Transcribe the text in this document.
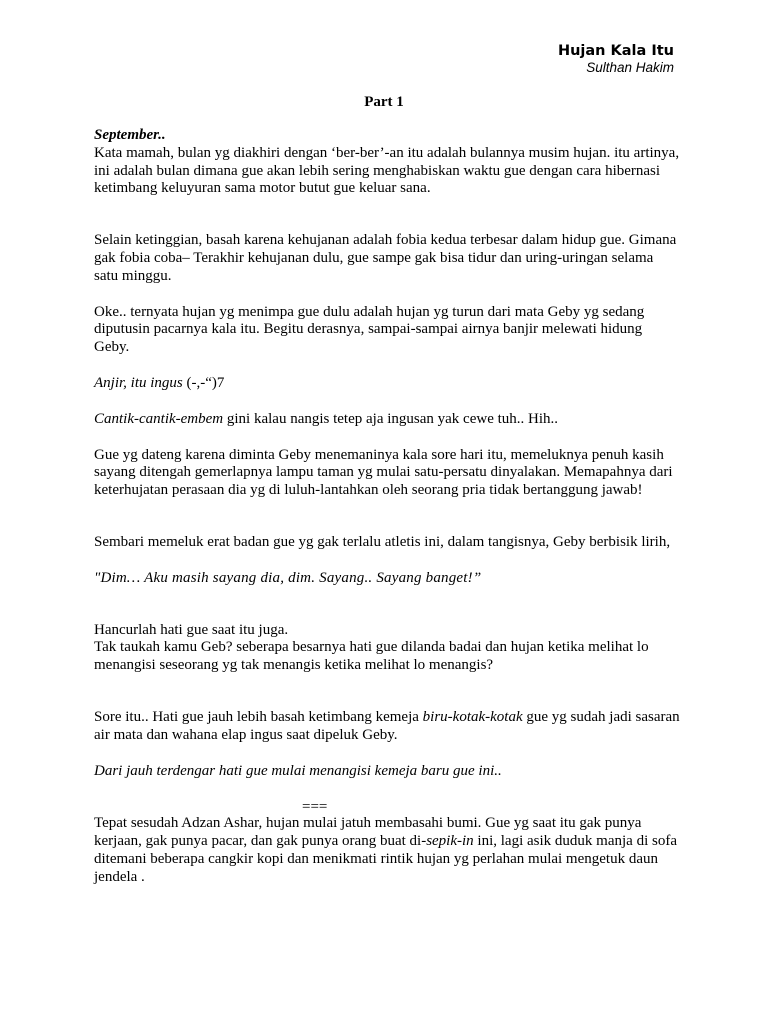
Hujan Kala Itu
Sulthan Hakim
Part 1

September..
Kata mamah, bulan yg diakhiri dengan ‘ber-ber’-an itu adalah bulannya musim hujan. itu artinya, ini adalah bulan dimana gue akan lebih sering menghabiskan waktu gue dengan cara hibernasi ketimbang keluyuran sama motor butut gue keluar sana.

Selain ketinggian, basah karena kehujanan adalah fobia kedua terbesar dalam hidup gue. Gimana gak fobia coba– Terakhir kehujanan dulu, gue sampe gak bisa tidur dan uring-uringan selama satu minggu.

Oke.. ternyata hujan yg menimpa gue dulu adalah hujan yg turun dari mata Geby yg sedang diputusin pacarnya kala itu. Begitu derasnya, sampai-sampai airnya banjir melewati hidung Geby.

Anjir, itu ingus (-,-“)7

Cantik-cantik-embem gini kalau nangis tetep aja ingusan yak cewe tuh.. Hih..

Gue yg dateng karena diminta Geby menemaninya kala sore hari itu, memeluknya penuh kasih sayang ditengah gemerlapnya lampu taman yg mulai satu-persatu dinyalakan. Memapahnya dari keterhujatan perasaan dia yg di luluh-lantahkan oleh seorang pria tidak bertanggung jawab!

Sembari memeluk erat badan gue yg gak terlalu atletis ini, dalam tangisnya, Geby berbisik lirih,

"Dim… Aku masih sayang dia, dim. Sayang.. Sayang banget!”

Hancurlah hati gue saat itu juga.
Tak taukah kamu Geb? seberapa besarnya hati gue dilanda badai dan hujan ketika melihat lo menangisi seseorang yg tak menangis ketika melihat lo menangis?

Sore itu.. Hati gue jauh lebih basah ketimbang kemeja biru-kotak-kotak gue yg sudah jadi sasaran air mata dan wahana elap ingus saat dipeluk Geby.

Dari jauh terdengar hati gue mulai menangisi kemeja baru gue ini..

===

Tepat sesudah Adzan Ashar, hujan mulai jatuh membasahi bumi. Gue yg saat itu gak punya kerjaan, gak punya pacar, dan gak punya orang buat di-sepik-in ini, lagi asik duduk manja di sofa ditemani beberapa cangkir kopi dan menikmati rintik hujan yg perlahan mulai mengetuk daun jendela .
